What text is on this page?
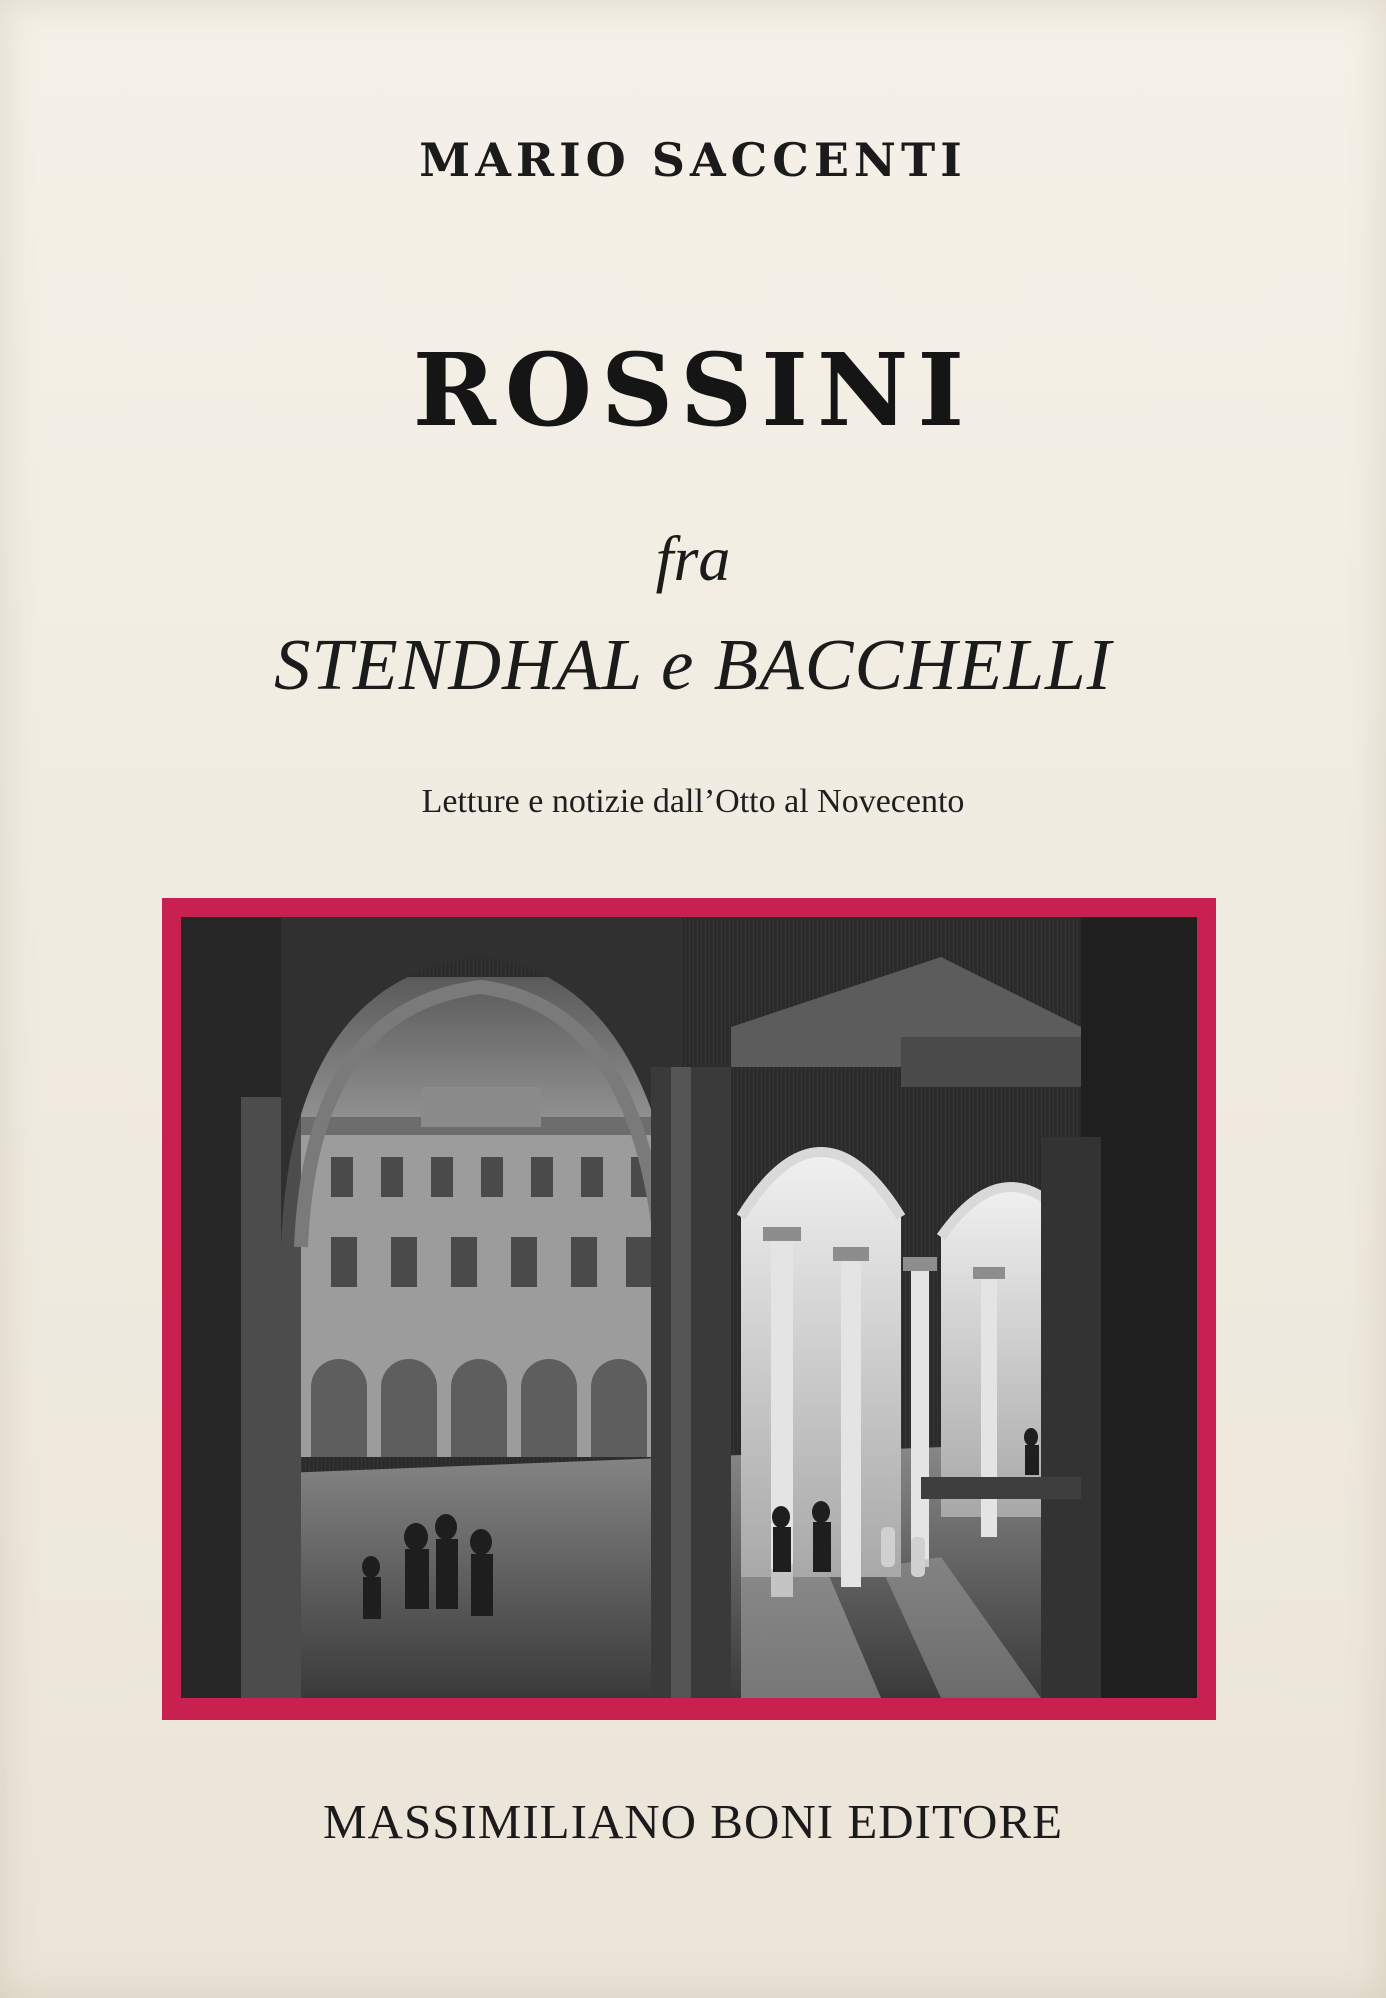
MARIO SACCENTI
ROSSINI
fra
STENDHAL e BACCHELLI
Letture e notizie dall’Otto al Novecento
MASSIMILIANO BONI EDITORE
